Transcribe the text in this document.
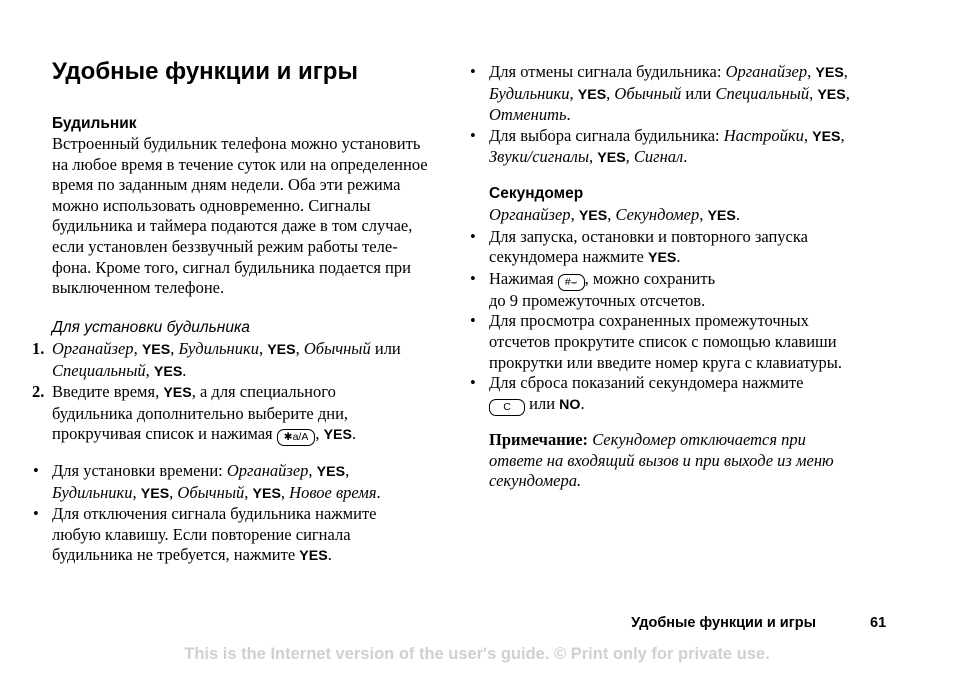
Удобные функции и игры
Будильник
Встроенный будильник телефона можно установить
на любое время в течение суток или на определенное
время по заданным дням недели. Оба эти режима
можно использовать одновременно. Сигналы
будильника и таймера подаются даже в том случае,
если установлен беззвучный режим работы теле-
фона. Кроме того, сигнал будильника подается при
выключенном телефоне.
Для установки будильника
1. Органайзер, YES, Будильники, YES, Обычный или
Специальный, YES.
2. Введите время, YES, а для специального
будильника дополнительно выберите дни,
прокручивая список и нажимая ✱a/A , YES.
• Для установки времени: Органайзер, YES,
Будильники, YES, Обычный, YES, Новое время.
• Для отключения сигнала будильника нажмите
любую клавишу. Если повторение сигнала
будильника не требуется, нажмите YES.
• Для отмены сигнала будильника: Органайзер, YES,
Будильники, YES, Обычный или Специальный, YES,
Отменить.
• Для выбора сигнала будильника: Настройки, YES,
Звуки/сигналы, YES, Сигнал.
Секундомер
Органайзер, YES, Секундомер, YES.
• Для запуска, остановки и повторного запуска
секундомера нажмите YES.
• Нажимая #⌣ , можно сохранить
до 9 промежуточных отсчетов.
• Для просмотра сохраненных промежуточных
отсчетов прокрутите список с помощью клавиши
прокрутки или введите номер круга с клавиатуры.
• Для сброса показаний секундомера нажмите
C или NO.
Примечание: Секундомер отключается при
ответе на входящий вызов и при выходе из меню
секундомера.
Удобные функции и игры	61
This is the Internet version of the user's guide. © Print only for private use.
